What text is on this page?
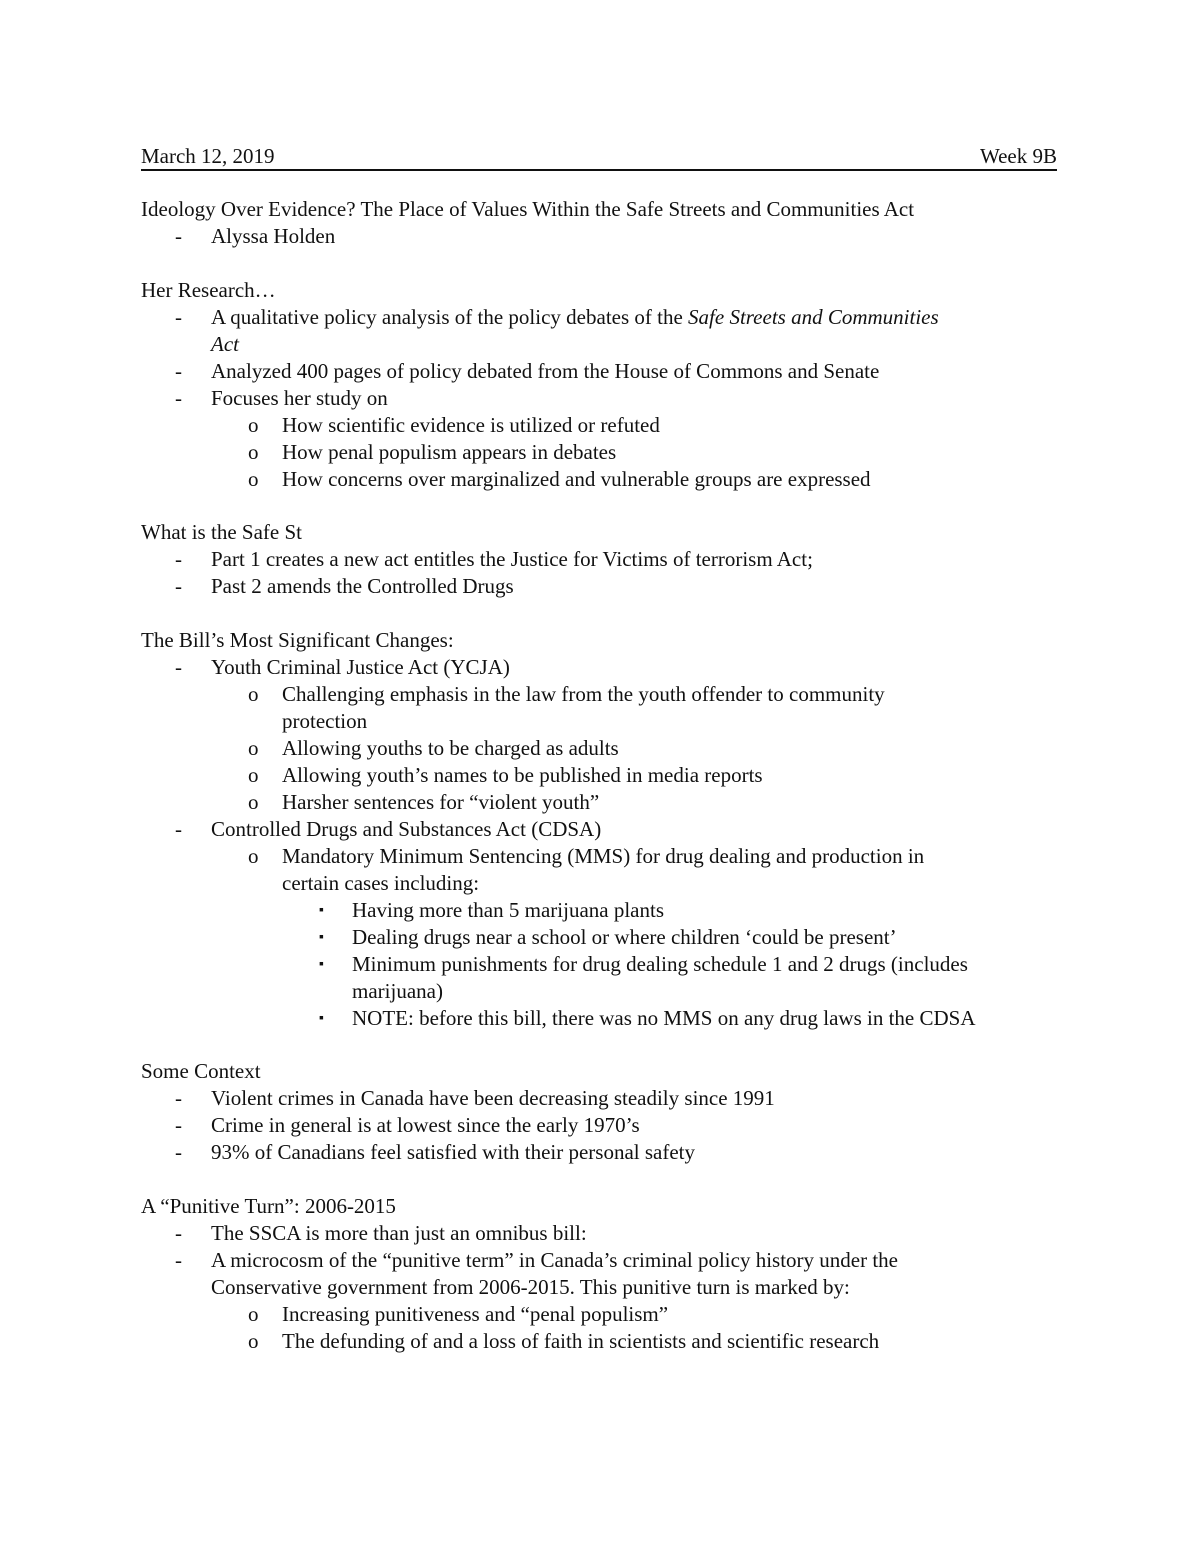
March 12, 2019	Week 9B
Ideology Over Evidence? The Place of Values Within the Safe Streets and Communities Act
- Alyssa Holden
Her Research…
- A qualitative policy analysis of the policy debates of the Safe Streets and Communities
Act
- Analyzed 400 pages of policy debated from the House of Commons and Senate
- Focuses her study on
o How scientific evidence is utilized or refuted
o How penal populism appears in debates
o How concerns over marginalized and vulnerable groups are expressed
What is the Safe St
- Part 1 creates a new act entitles the Justice for Victims of terrorism Act;
- Past 2 amends the Controlled Drugs
The Bill’s Most Significant Changes:
- Youth Criminal Justice Act (YCJA)
o Challenging emphasis in the law from the youth offender to community
protection
o Allowing youths to be charged as adults
o Allowing youth’s names to be published in media reports
o Harsher sentences for “violent youth”
- Controlled Drugs and Substances Act (CDSA)
o Mandatory Minimum Sentencing (MMS) for drug dealing and production in
certain cases including:
▪ Having more than 5 marijuana plants
▪ Dealing drugs near a school or where children ‘could be present’
▪ Minimum punishments for drug dealing schedule 1 and 2 drugs (includes
marijuana)
▪ NOTE: before this bill, there was no MMS on any drug laws in the CDSA
Some Context
- Violent crimes in Canada have been decreasing steadily since 1991
- Crime in general is at lowest since the early 1970’s
- 93% of Canadians feel satisfied with their personal safety
A “Punitive Turn”: 2006-2015
- The SSCA is more than just an omnibus bill:
- A microcosm of the “punitive term” in Canada’s criminal policy history under the
Conservative government from 2006-2015. This punitive turn is marked by:
o Increasing punitiveness and “penal populism”
o The defunding of and a loss of faith in scientists and scientific research
